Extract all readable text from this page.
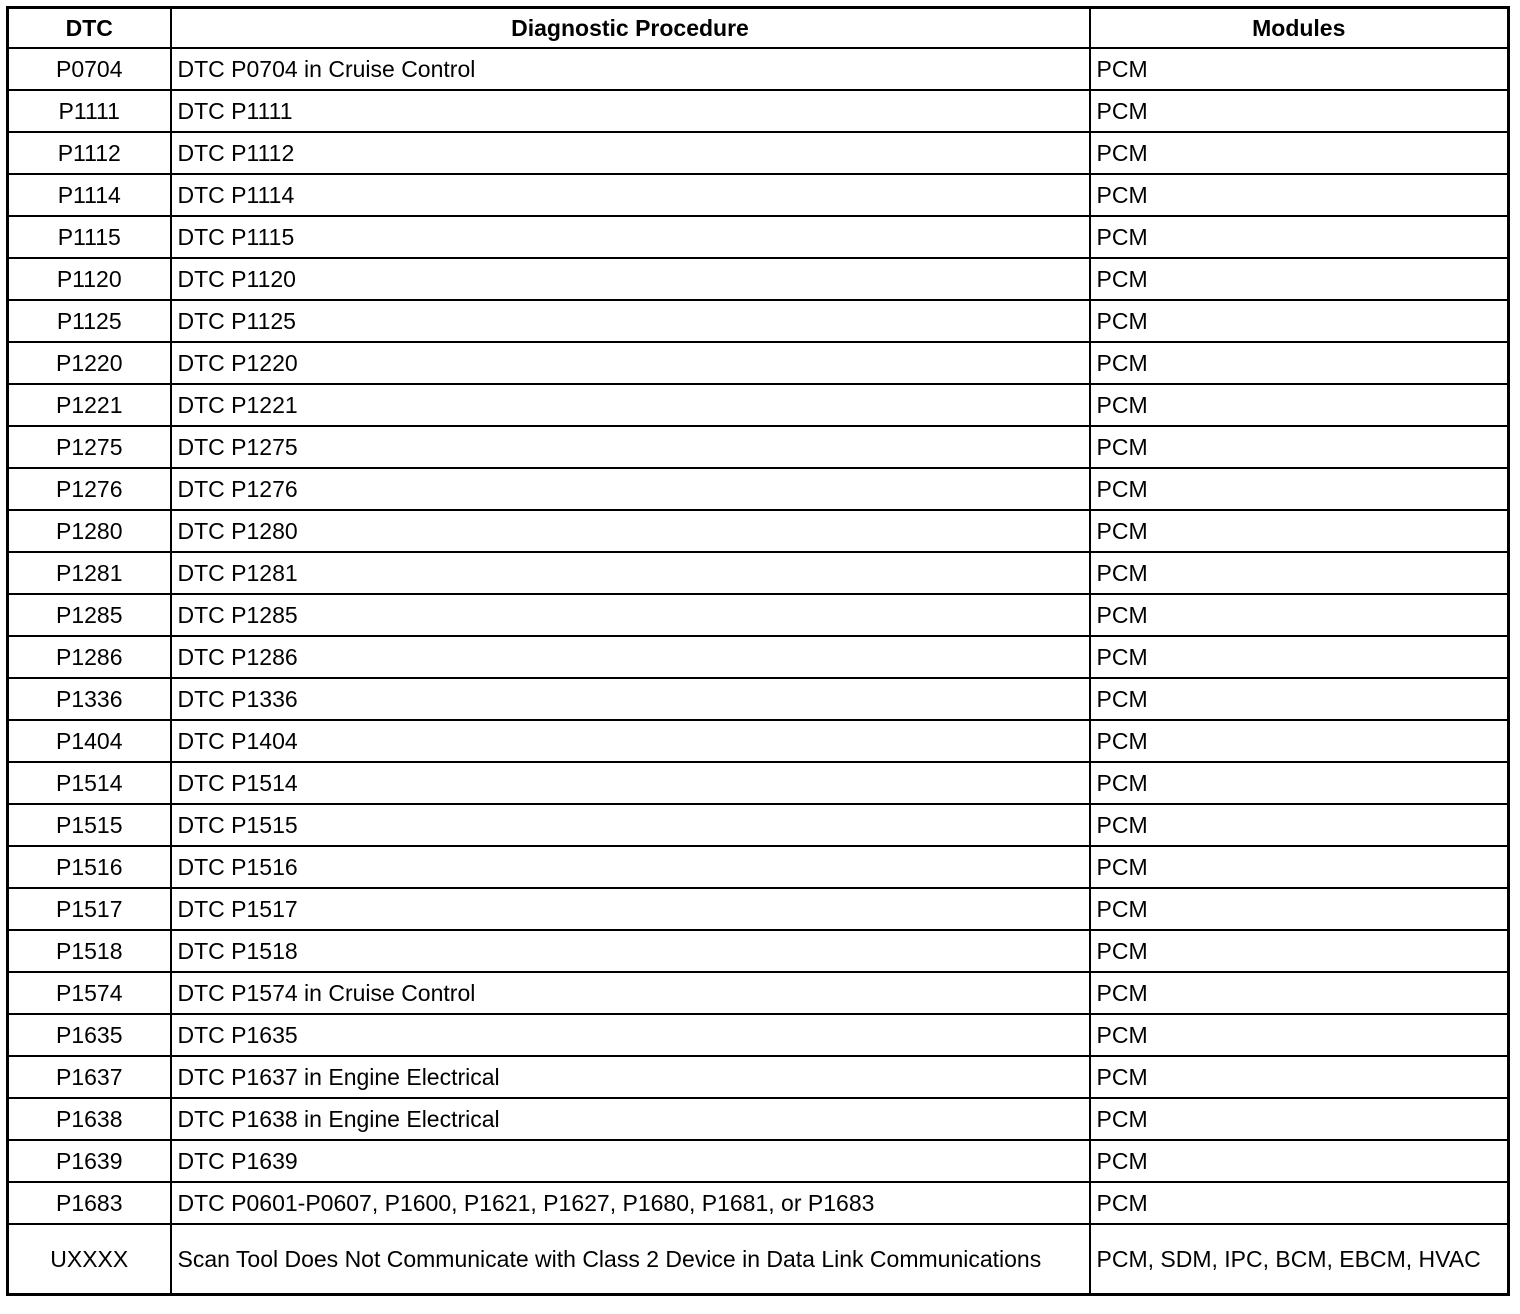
DTC	Diagnostic Procedure	Modules
P0704	DTC P0704 in Cruise Control	PCM
P1111	DTC P1111	PCM
P1112	DTC P1112	PCM
P1114	DTC P1114	PCM
P1115	DTC P1115	PCM
P1120	DTC P1120	PCM
P1125	DTC P1125	PCM
P1220	DTC P1220	PCM
P1221	DTC P1221	PCM
P1275	DTC P1275	PCM
P1276	DTC P1276	PCM
P1280	DTC P1280	PCM
P1281	DTC P1281	PCM
P1285	DTC P1285	PCM
P1286	DTC P1286	PCM
P1336	DTC P1336	PCM
P1404	DTC P1404	PCM
P1514	DTC P1514	PCM
P1515	DTC P1515	PCM
P1516	DTC P1516	PCM
P1517	DTC P1517	PCM
P1518	DTC P1518	PCM
P1574	DTC P1574 in Cruise Control	PCM
P1635	DTC P1635	PCM
P1637	DTC P1637 in Engine Electrical	PCM
P1638	DTC P1638 in Engine Electrical	PCM
P1639	DTC P1639	PCM
P1683	DTC P0601-P0607, P1600, P1621, P1627, P1680, P1681, or P1683	PCM
UXXXX	Scan Tool Does Not Communicate with Class 2 Device in Data Link Communications	PCM, SDM, IPC, BCM, EBCM, HVAC
